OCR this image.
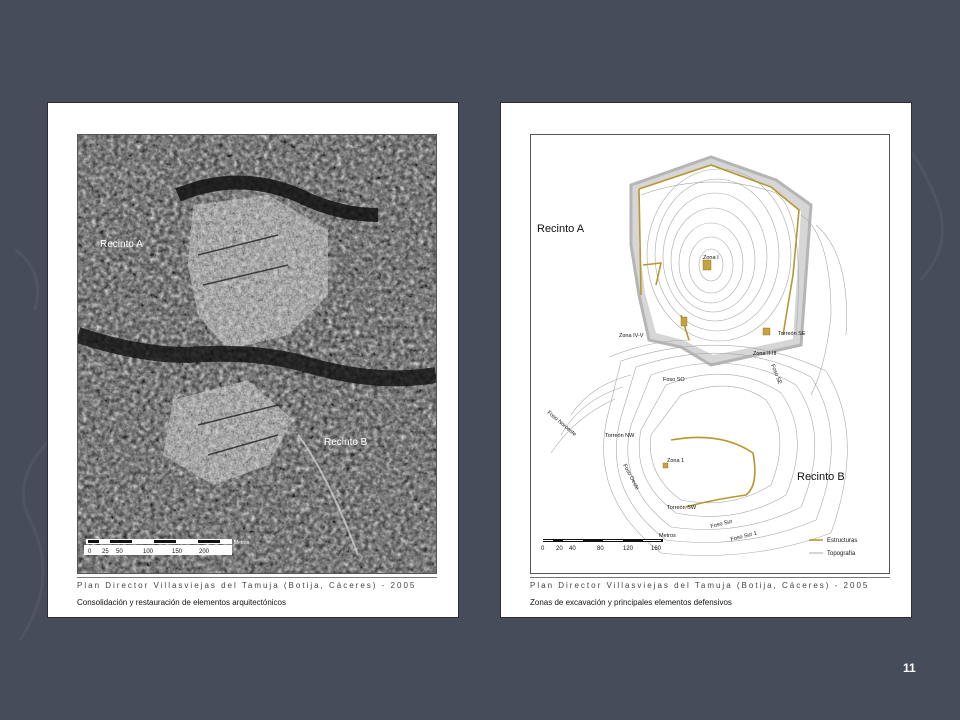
Recinto A
Recinto B
0 25 50	100	150	200
Metros
Plan Director Villasviejas del Tamuja (Botija, Cáceres) - 2005
Consolidación y restauración de elementos arquitectónicos
Recinto A
Recinto B
Zona I
Zona IV-V	Torreón SE
Zona II-III
Foso SO	Foso SE
Foso Noroeste	Torreón NW
Zona 1
Foso Oeste
Torreón SW
Foso Sur
Foso Sur 1
0 20 40	80	120	160
Metros
Estructuras
Topografía
Plan Director Villasviejas del Tamuja (Botija, Cáceres) - 2005
Zonas de excavación y principales elementos defensivos
11
